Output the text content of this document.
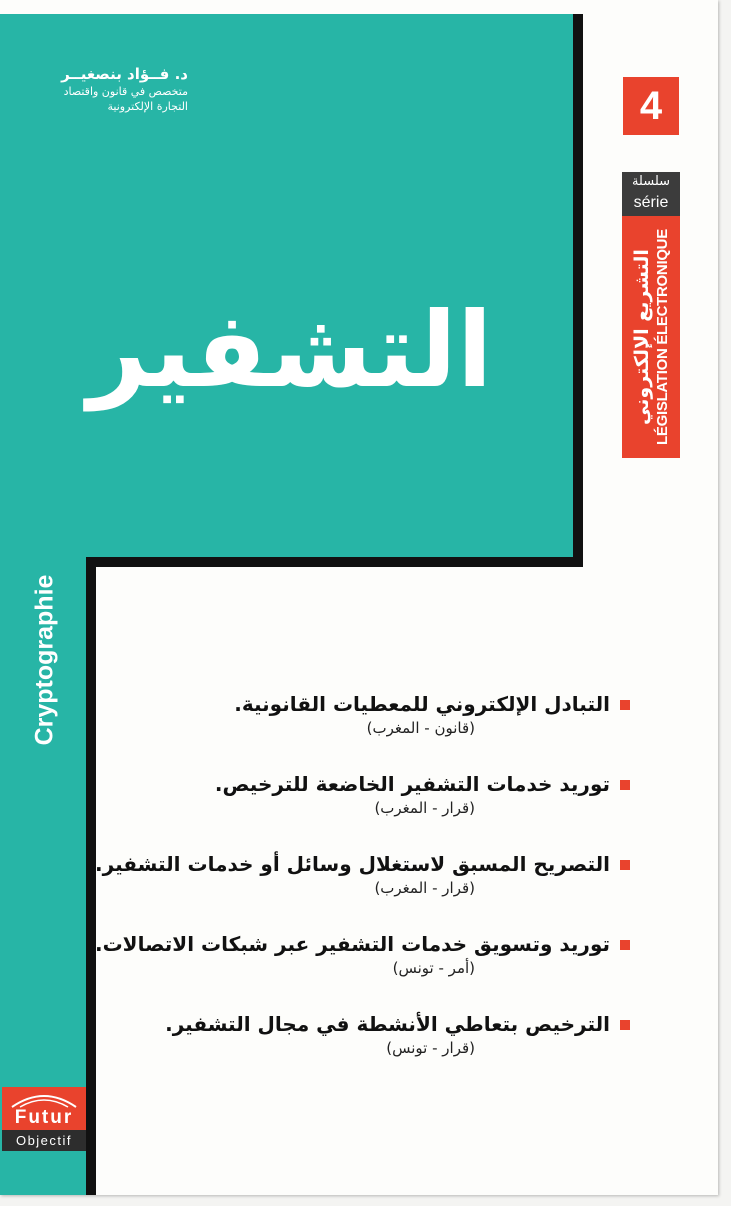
د. فــؤاد بنصغيــر
متخصص في قانون واقتصاد
التجارة الإلكترونية
التشفير
Cryptographie
4
سلسلة
série
التشريع الإلكتروني LÉGISLATION ÉLECTRONIQUE
التبادل الإلكتروني للمعطيات القانونية.
(قانون - المغرب)
توريد خدمات التشفير الخاضعة للترخيص.
(قرار - المغرب)
التصريح المسبق لاستغلال وسائل أو خدمات التشفير.
(قرار - المغرب)
توريد وتسويق خدمات التشفير عبر شبكات الاتصالات.
(أمر - تونس)
الترخيص بتعاطي الأنشطة في مجال التشفير.
(قرار - تونس)
Futur
Objectif
